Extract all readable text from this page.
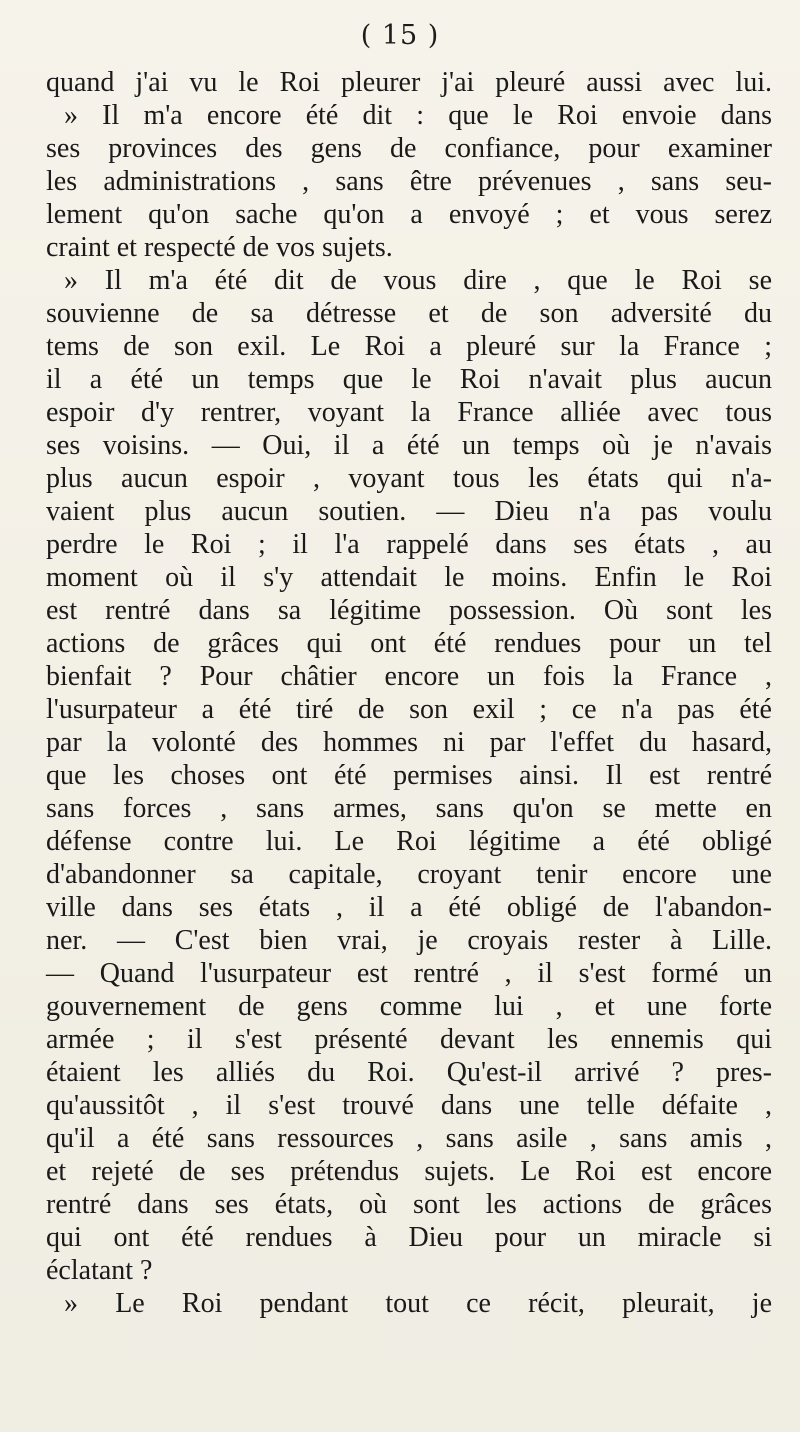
( 15 )
quand j'ai vu le Roi pleurer j'ai pleuré aussi avec lui.
» Il m'a encore été dit : que le Roi envoie dans
ses provinces des gens de confiance, pour examiner
les administrations , sans être prévenues , sans seu-
lement qu'on sache qu'on a envoyé ; et vous serez
craint et respecté de vos sujets.
» Il m'a été dit de vous dire , que le Roi se
souvienne de sa détresse et de son adversité du
tems de son exil. Le Roi a pleuré sur la France ;
il a été un temps que le Roi n'avait plus aucun
espoir d'y rentrer, voyant la France alliée avec tous
ses voisins. — Oui, il a été un temps où je n'avais
plus aucun espoir , voyant tous les états qui n'a-
vaient plus aucun soutien. — Dieu n'a pas voulu
perdre le Roi ; il l'a rappelé dans ses états , au
moment où il s'y attendait le moins. Enfin le Roi
est rentré dans sa légitime possession. Où sont les
actions de grâces qui ont été rendues pour un tel
bienfait ? Pour châtier encore un fois la France ,
l'usurpateur a été tiré de son exil ; ce n'a pas été
par la volonté des hommes ni par l'effet du hasard,
que les choses ont été permises ainsi. Il est rentré
sans forces , sans armes, sans qu'on se mette en
défense contre lui. Le Roi légitime a été obligé
d'abandonner sa capitale, croyant tenir encore une
ville dans ses états , il a été obligé de l'abandon-
ner. — C'est bien vrai, je croyais rester à Lille.
— Quand l'usurpateur est rentré , il s'est formé un
gouvernement de gens comme lui , et une forte
armée ; il s'est présenté devant les ennemis qui
étaient les alliés du Roi. Qu'est-il arrivé ? pres-
qu'aussitôt , il s'est trouvé dans une telle défaite ,
qu'il a été sans ressources , sans asile , sans amis ,
et rejeté de ses prétendus sujets. Le Roi est encore
rentré dans ses états, où sont les actions de grâces
qui ont été rendues à Dieu pour un miracle si
éclatant ?
» Le Roi pendant tout ce récit, pleurait, je
